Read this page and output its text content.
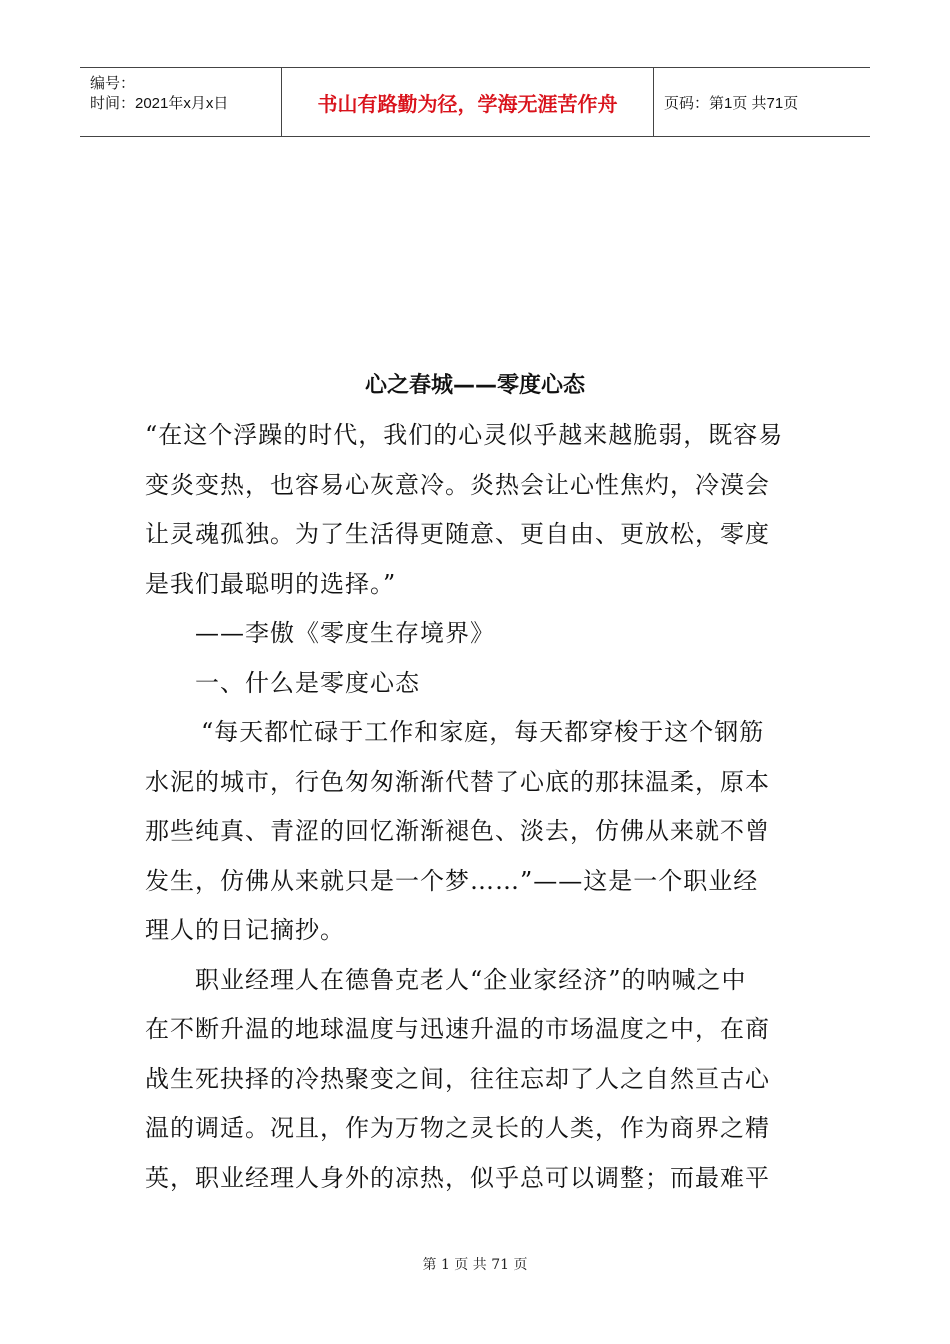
编号：
时间：2021年x月x日	书山有路勤为径，学海无涯苦作舟	页码：第1页 共71页
心之春城——零度心态

“在这个浮躁的时代，我们的心灵似乎越来越脆弱，既容易

变炎变热，也容易心灰意冷。炎热会让心性焦灼，冷漠会

让灵魂孤独。为了生活得更随意、更自由、更放松，零度

是我们最聪明的选择。”

——李傲《零度生存境界》

一、什么是零度心态

“每天都忙碌于工作和家庭，每天都穿梭于这个钢筋

水泥的城市，行色匆匆渐渐代替了心底的那抹温柔，原本

那些纯真、青涩的回忆渐渐褪色、淡去，仿佛从来就不曾

发生，仿佛从来就只是一个梦……”——这是一个职业经

理人的日记摘抄。

职业经理人在德鲁克老人“企业家经济”的呐喊之中

在不断升温的地球温度与迅速升温的市场温度之中，在商

战生死抉择的冷热聚变之间，往往忘却了人之自然亘古心

温的调适。况且，作为万物之灵长的人类，作为商界之精

英，职业经理人身外的凉热，似乎总可以调整；而最难平

第 1 页 共 71 页
